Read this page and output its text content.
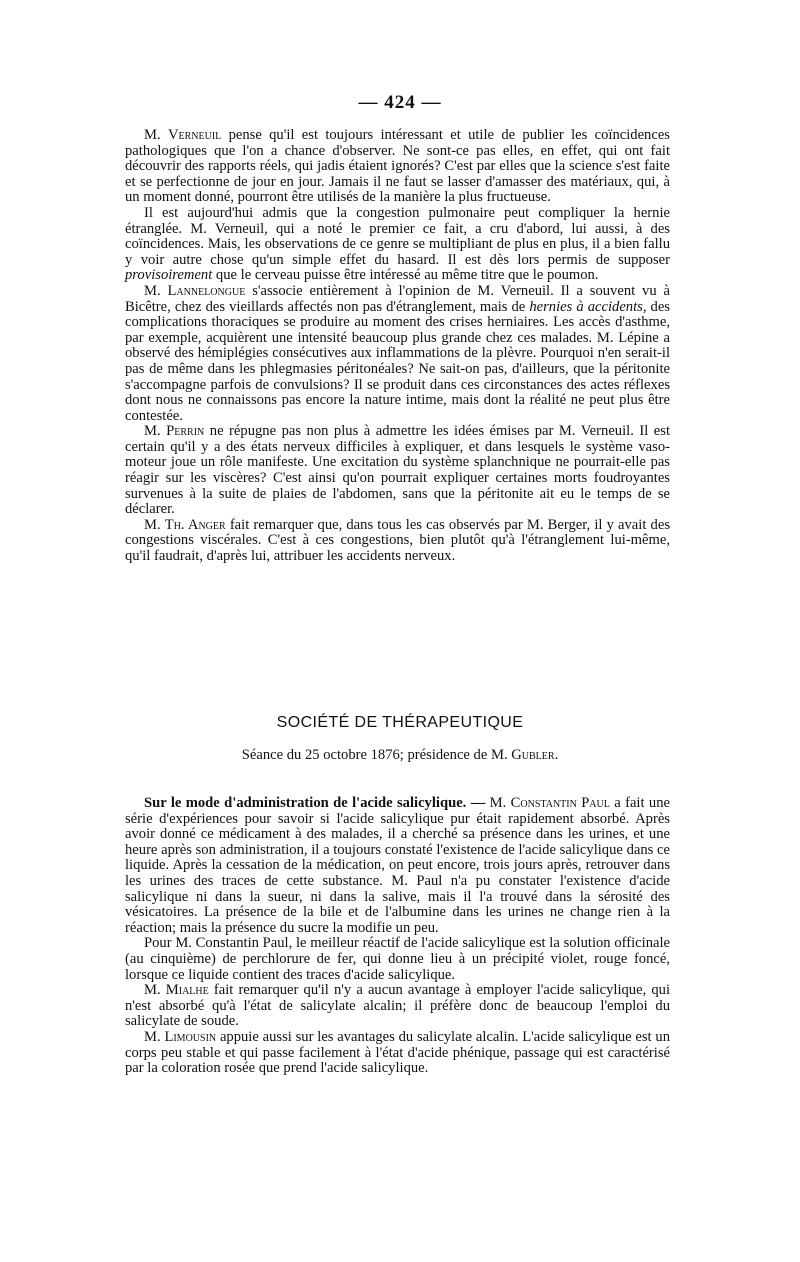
— 424 —

M. Verneuil pense qu'il est toujours intéressant et utile de publier les coïncidences pathologiques que l'on a chance d'observer. Ne sont-ce pas elles, en effet, qui ont fait découvrir des rapports réels, qui jadis étaient ignorés? C'est par elles que la science s'est faite et se perfectionne de jour en jour. Jamais il ne faut se lasser d'amasser des matériaux, qui, à un moment donné, pourront être utilisés de la manière la plus fructueuse.

Il est aujourd'hui admis que la congestion pulmonaire peut compliquer la hernie étranglée. M. Verneuil, qui a noté le premier ce fait, a cru d'abord, lui aussi, à des coïncidences. Mais, les observations de ce genre se multipliant de plus en plus, il a bien fallu y voir autre chose qu'un simple effet du hasard. Il est dès lors permis de supposer provisoirement que le cerveau puisse être intéressé au même titre que le poumon.

M. Lannelongue s'associe entièrement à l'opinion de M. Verneuil. Il a souvent vu à Bicêtre, chez des vieillards affectés non pas d'étranglement, mais de hernies à accidents, des complications thoraciques se produire au moment des crises herniaires. Les accès d'asthme, par exemple, acquièrent une intensité beaucoup plus grande chez ces malades. M. Lépine a observé des hémiplégies consécutives aux inflammations de la plèvre. Pourquoi n'en serait-il pas de même dans les phlegmasies péritonéales? Ne sait-on pas, d'ailleurs, que la péritonite s'accompagne parfois de convulsions? Il se produit dans ces circonstances des actes réflexes dont nous ne connaissons pas encore la nature intime, mais dont la réalité ne peut plus être contestée.

M. Perrin ne répugne pas non plus à admettre les idées émises par M. Verneuil. Il est certain qu'il y a des états nerveux difficiles à expliquer, et dans lesquels le système vaso-moteur joue un rôle manifeste. Une excitation du système splanchnique ne pourrait-elle pas réagir sur les viscères? C'est ainsi qu'on pourrait expliquer certaines morts foudroyantes survenues à la suite de plaies de l'abdomen, sans que la péritonite ait eu le temps de se déclarer.

M. Th. Anger fait remarquer que, dans tous les cas observés par M. Berger, il y avait des congestions viscérales. C'est à ces congestions, bien plutôt qu'à l'étranglement lui-même, qu'il faudrait, d'après lui, attribuer les accidents nerveux.

SOCIÉTÉ DE THÉRAPEUTIQUE
Séance du 25 octobre 1876; présidence de M. Gubler.

Sur le mode d'administration de l'acide salicylique. — M. Constantin Paul a fait une série d'expériences pour savoir si l'acide salicylique pur était rapidement absorbé. Après avoir donné ce médicament à des malades, il a cherché sa présence dans les urines, et une heure après son administration, il a toujours constaté l'existence de l'acide salicylique dans ce liquide. Après la cessation de la médication, on peut encore, trois jours après, retrouver dans les urines des traces de cette substance. M. Paul n'a pu constater l'existence d'acide salicylique ni dans la sueur, ni dans la salive, mais il l'a trouvé dans la sérosité des vésicatoires. La présence de la bile et de l'albumine dans les urines ne change rien à la réaction; mais la présence du sucre la modifie un peu.

Pour M. Constantin Paul, le meilleur réactif de l'acide salicylique est la solution officinale (au cinquième) de perchlorure de fer, qui donne lieu à un précipité violet, rouge foncé, lorsque ce liquide contient des traces d'acide salicylique.

M. Mialhe fait remarquer qu'il n'y a aucun avantage à employer l'acide salicylique, qui n'est absorbé qu'à l'état de salicylate alcalin; il préfère donc de beaucoup l'emploi du salicylate de soude.

M. Limousin appuie aussi sur les avantages du salicylate alcalin. L'acide salicylique est un corps peu stable et qui passe facilement à l'état d'acide phénique, passage qui est caractérisé par la coloration rosée que prend l'acide salicylique.
